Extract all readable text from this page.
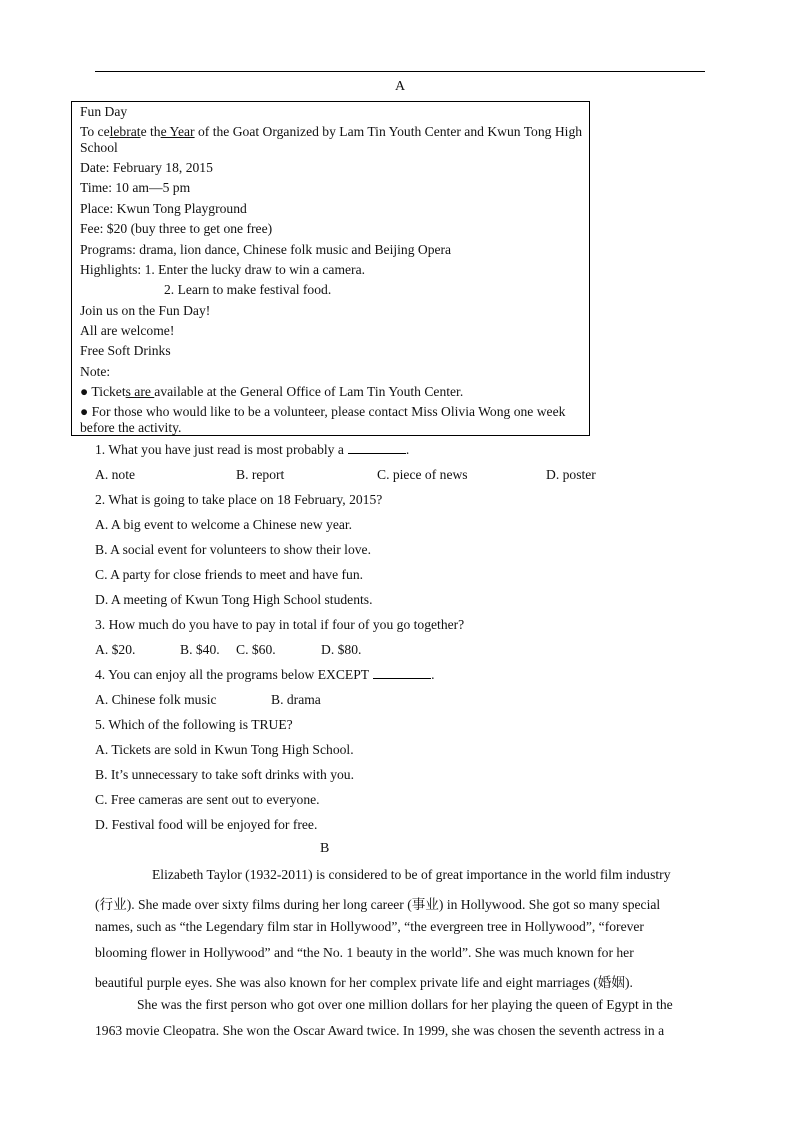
A
Fun Day
To celebrate the Year of the Goat Organized by Lam Tin Youth Center and Kwun Tong High School
Date: February 18, 2015
Time: 10 am—5 pm
Place: Kwun Tong Playground
Fee: $20 (buy three to get one free)
Programs: drama, lion dance, Chinese folk music and Beijing Opera
Highlights: 1. Enter the lucky draw to win a camera.
2. Learn to make festival food.
Join us on the Fun Day!
All are welcome!
Free Soft Drinks
Note:
● Tickets are available at the General Office of Lam Tin Youth Center.
● For those who would like to be a volunteer, please contact Miss Olivia Wong one week before the activity.
1. What you have just read is most probably a	.
A. note	B. report	C. piece of news	D. poster
2. What is going to take place on 18 February, 2015?
A. A big event to welcome a Chinese new year.
B. A social event for volunteers to show their love.
C. A party for close friends to meet and have fun.
D. A meeting of Kwun Tong High School students.
3. How much do you have to pay in total if four of you go together?
A. $20.	B. $40. C. $60.	D. $80.
4. You can enjoy all the programs below EXCEPT	.
A. Chinese folk music	B. drama
5. Which of the following is TRUE?
A. Tickets are sold in Kwun Tong High School.
B. It’s unnecessary to take soft drinks with you.
C. Free cameras are sent out to everyone.
D. Festival food will be enjoyed for free.
B
Elizabeth Taylor (1932-2011) is considered to be of great importance in the world film industry
(行业). She made over sixty films during her long career (事业) in Hollywood. She got so many special
names, such as “the Legendary film star in Hollywood”, “the evergreen tree in Hollywood”, “forever
blooming flower in Hollywood” and “the No. 1 beauty in the world”. She was much known for her
beautiful purple eyes. She was also known for her complex private life and eight marriages (婚姻).
She was the first person who got over one million dollars for her playing the queen of Egypt in the
1963 movie Cleopatra. She won the Oscar Award twice. In 1999, she was chosen the seventh actress in a
